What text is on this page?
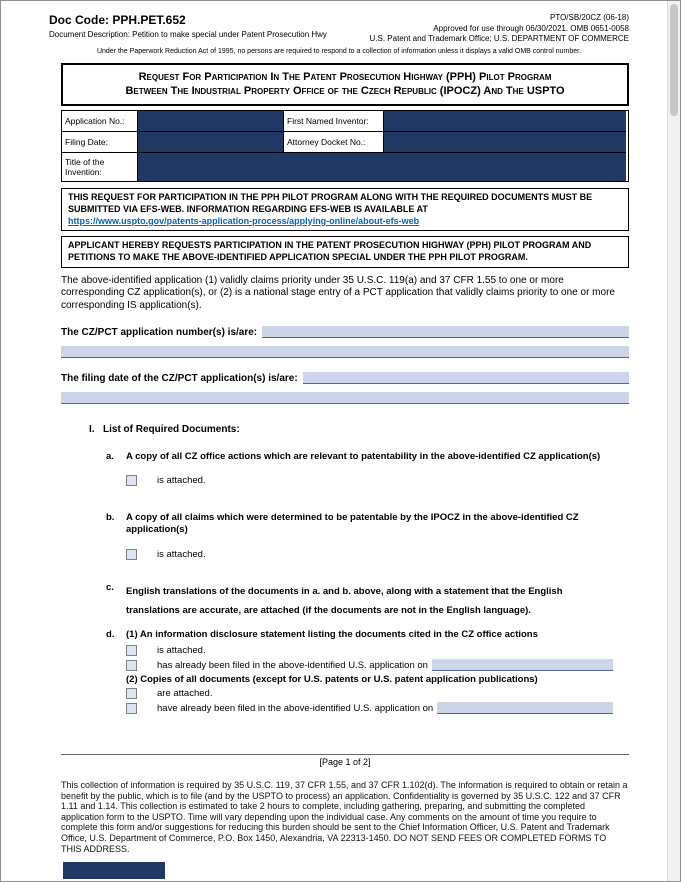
Doc Code: PPH.PET.652
Document Description: Petition to make special under Patent Prosecution Hwy
PTO/SB/20CZ (06-18)
Approved for use through 06/30/2021. OMB 0651-0058
U.S. Patent and Trademark Office; U.S. DEPARTMENT OF COMMERCE
Under the Paperwork Reduction Act of 1995, no persons are required to respond to a collection of information unless it displays a valid OMB control number.
Request For Participation In The Patent Prosecution Highway (PPH) Pilot Program
Between The Industrial Property Office of the Czech Republic (IPOCZ) And The USPTO
Application No.:	First Named Inventor:
Filing Date:	Attorney Docket No.:
Title of the Invention:
THIS REQUEST FOR PARTICIPATION IN THE PPH PILOT PROGRAM ALONG WITH THE REQUIRED DOCUMENTS MUST BE SUBMITTED VIA EFS-WEB. INFORMATION REGARDING EFS-WEB IS AVAILABLE AT
https://www.uspto.gov/patents-application-process/applying-online/about-efs-web
APPLICANT HEREBY REQUESTS PARTICIPATION IN THE PATENT PROSECUTION HIGHWAY (PPH) PILOT PROGRAM AND PETITIONS TO MAKE THE ABOVE-IDENTIFIED APPLICATION SPECIAL UNDER THE PPH PILOT PROGRAM.

The above-identified application (1) validly claims priority under 35 U.S.C. 119(a) and 37 CFR 1.55 to one or more corresponding CZ application(s), or (2) is a national stage entry of a PCT application that validly claims priority to one or more corresponding IS application(s).

The CZ/PCT application number(s) is/are:
The filing date of the CZ/PCT application(s) is/are:
I. List of Required Documents:
a.	A copy of all CZ office actions which are relevant to patentability in the above-identified CZ application(s)
is attached.
b.	A copy of all claims which were determined to be patentable by the IPOCZ in the above-identified CZ application(s)
is attached.
c.	English translations of the documents in a. and b. above, along with a statement that the English translations are accurate, are attached (if the documents are not in the English language).
d.	(1) An information disclosure statement listing the documents cited in the CZ office actions
is attached.
has already been filed in the above-identified U.S. application on
(2) Copies of all documents (except for U.S. patents or U.S. patent application publications)
are attached.
have already been filed in the above-identified U.S. application on
[Page 1 of 2]
This collection of information is required by 35 U.S.C. 119, 37 CFR 1.55, and 37 CFR 1.102(d). The information is required to obtain or retain a benefit by the public, which is to file (and by the USPTO to process) an application. Confidentiality is governed by 35 U.S.C. 122 and 37 CFR 1.11 and 1.14. This collection is estimated to take 2 hours to complete, including gathering, preparing, and submitting the completed application form to the USPTO. Time will vary depending upon the individual case. Any comments on the amount of time you require to complete this form and/or suggestions for reducing this burden should be sent to the Chief Information Officer, U.S. Patent and Trademark Office, U.S. Department of Commerce, P.O. Box 1450, Alexandria, VA 22313-1450. DO NOT SEND FEES OR COMPLETED FORMS TO THIS ADDRESS.
